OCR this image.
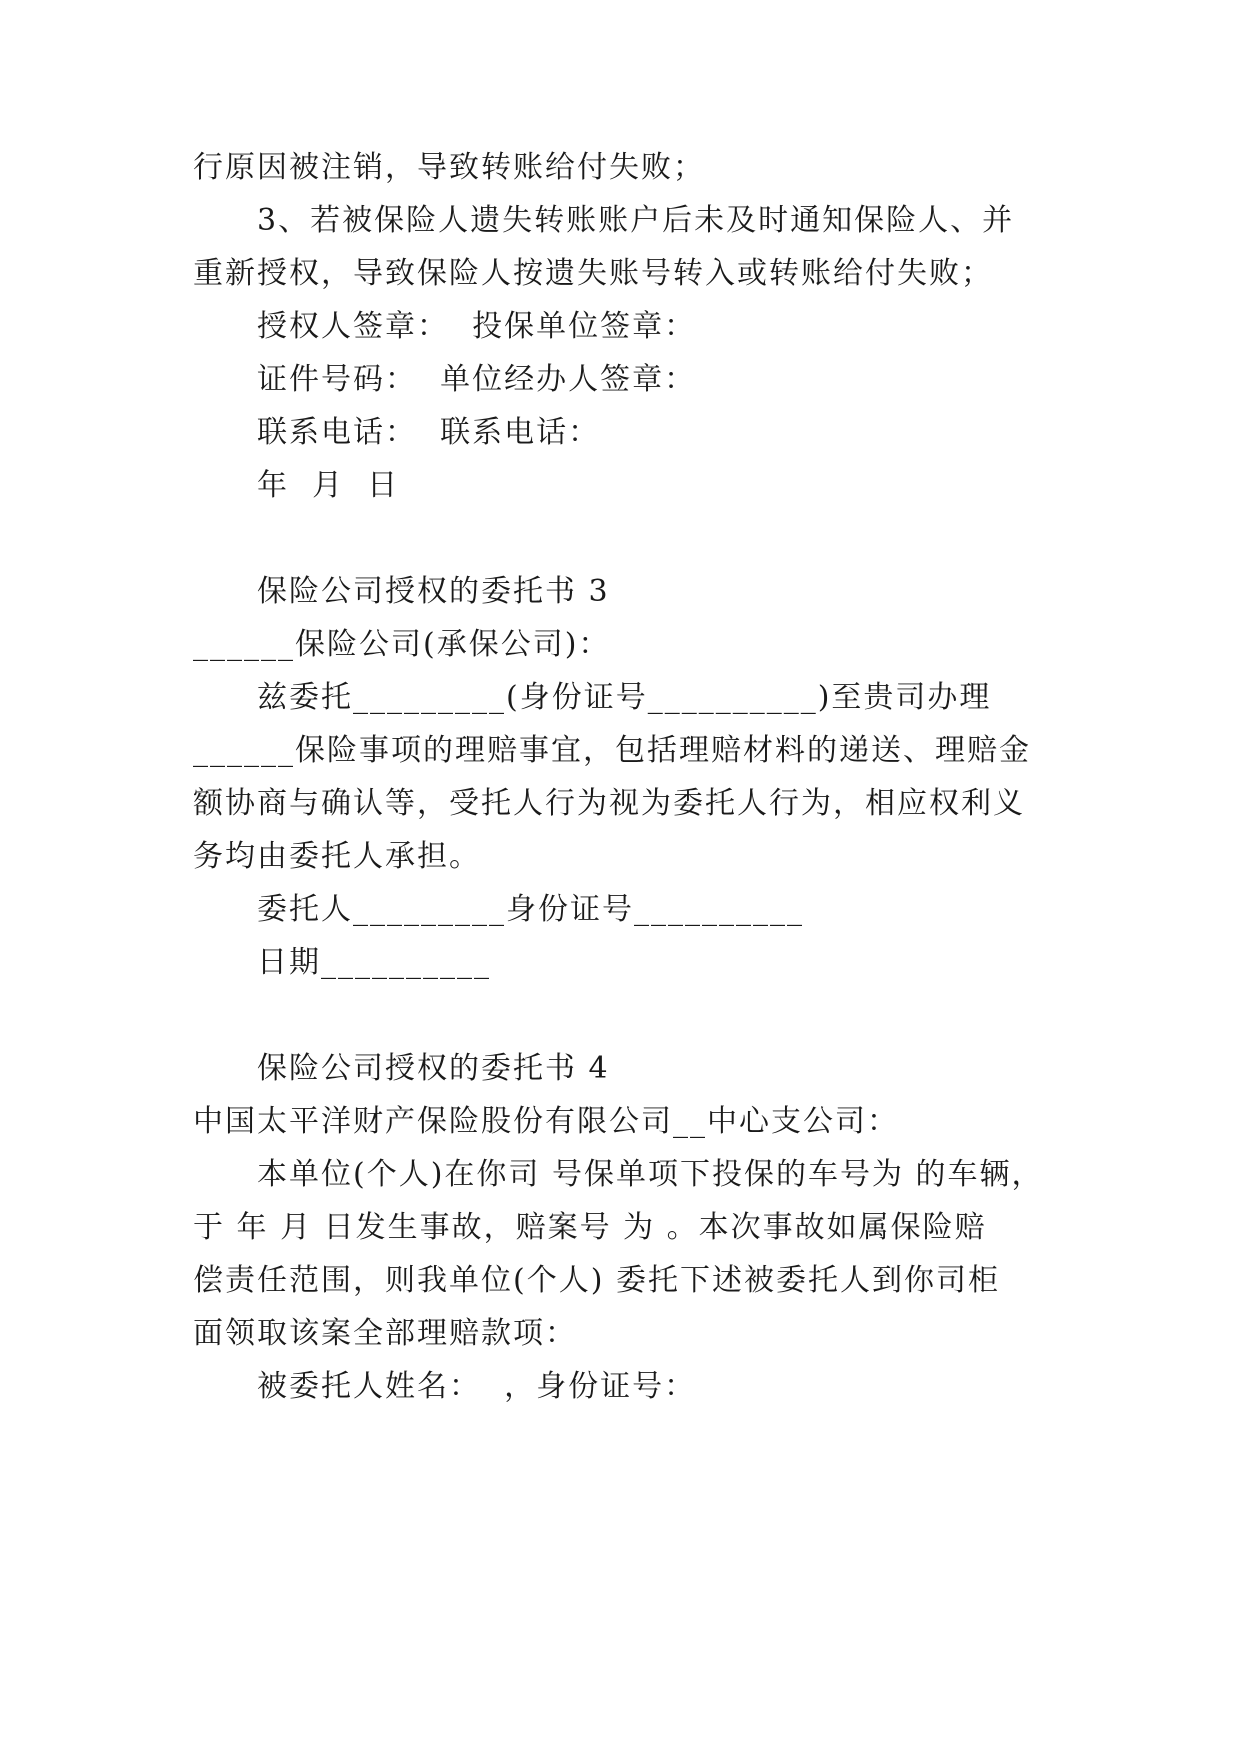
行原因被注销，导致转账给付失败；
3、若被保险人遗失转账账户后未及时通知保险人、并
重新授权，导致保险人按遗失账号转入或转账给付失败；
授权人签章：  投保单位签章：
证件号码：  单位经办人签章：
联系电话：  联系电话：
年  月  日
保险公司授权的委托书 3
______保险公司(承保公司)：
兹委托_________(身份证号__________)至贵司办理
______保险事项的理赔事宜，包括理赔材料的递送、理赔金
额协商与确认等，受托人行为视为委托人行为，相应权利义
务均由委托人承担。
委托人_________身份证号__________
日期__________
保险公司授权的委托书 4
中国太平洋财产保险股份有限公司__中心支公司：
本单位(个人)在你司 号保单项下投保的车号为 的车辆，
于 年 月 日发生事故，赔案号 为 。本次事故如属保险赔
偿责任范围，则我单位(个人) 委托下述被委托人到你司柜
面领取该案全部理赔款项：
被委托人姓名：  ，身份证号：
